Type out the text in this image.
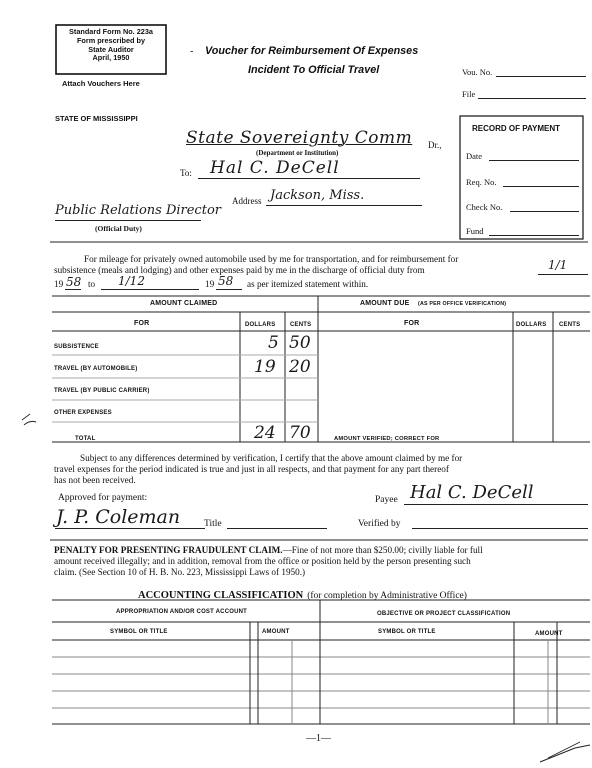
Standard Form No. 223a
Form prescribed by
State Auditor
April, 1950
Attach Vouchers Here
- Voucher for Reimbursement Of Expenses
Incident To Official Travel	Vou. No.
File
STATE OF MISSISSIPPI
State Sovereignty Comm Dr.,
(Department or Institution)
To: Hal C. DeCell
Address Jackson, Miss.
Public Relations Director
(Official Duty)
RECORD OF PAYMENT
Date
Req. No.
Check No.
Fund
For mileage for privately owned automobile used by me for transportation, and for reimbursement for
subsistence (meals and lodging) and other expenses paid by me in the discharge of official duty from	1/1
19 58 to 1/12	19 58 as per itemized statement within.
AMOUNT CLAIMED	AMOUNT DUE (AS PER OFFICE VERIFICATION)
FOR	DOLLARS CENTS	FOR	DOLLARS CENTS
SUBSISTENCE	5 50
TRAVEL (BY AUTOMOBILE)	19 20
TRAVEL (BY PUBLIC CARRIER)
OTHER EXPENSES
TOTAL	24 70	AMOUNT VERIFIED; CORRECT FOR
Subject to any differences determined by verification, I certify that the above amount claimed by me for
travel expenses for the period indicated is true and just in all respects, and that payment for any part thereof
has not been received.
Approved for payment:	Payee Hal C. DeCell
J. P. Coleman	Title	Verified by
PENALTY FOR PRESENTING FRAUDULENT CLAIM.—Fine of not more than $250.00; civilly liable for full
amount received illegally; and in addition, removal from the office or position held by the person presenting such
claim. (See Section 10 of H. B. No. 223, Mississippi Laws of 1950.)
ACCOUNTING CLASSIFICATION (for completion by Administrative Office)
APPROPRIATION AND/OR COST ACCOUNT	OBJECTIVE OR PROJECT CLASSIFICATION
SYMBOL OR TITLE	AMOUNT	SYMBOL OR TITLE	AMOUNT
—1—
